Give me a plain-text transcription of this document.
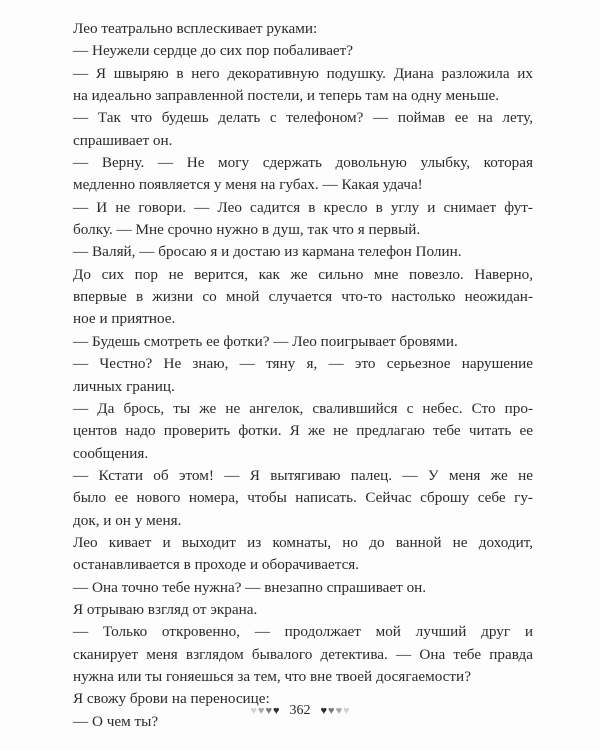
Лео театрально всплескивает руками:
— Неужели сердце до сих пор побаливает?
— Я швыряю в него декоративную подушку. Диана разложила их
на идеально заправленной постели, и теперь там на одну меньше.
— Так что будешь делать с телефоном? — поймав ее на лету,
спрашивает он.
— Верну. — Не могу сдержать довольную улыбку, которая
медленно появляется у меня на губах. — Какая удача!
— И не говори. — Лео садится в кресло в углу и снимает фут-
болку. — Мне срочно нужно в душ, так что я первый.
— Валяй, — бросаю я и достаю из кармана телефон Полин.
До сих пор не верится, как же сильно мне повезло. Наверно,
впервые в жизни со мной случается что-то настолько неожидан-
ное и приятное.
— Будешь смотреть ее фотки? — Лео поигрывает бровями.
— Честно? Не знаю, — тяну я, — это серьезное нарушение
личных границ.
— Да брось, ты же не ангелок, свалившийся с небес. Сто про-
центов надо проверить фотки. Я же не предлагаю тебе читать ее
сообщения.
— Кстати об этом! — Я вытягиваю палец. — У меня же не
было ее нового номера, чтобы написать. Сейчас сброшу себе гу-
док, и он у меня.
Лео кивает и выходит из комнаты, но до ванной не доходит,
останавливается в проходе и оборачивается.
— Она точно тебе нужна? — внезапно спрашивает он.
Я отрываю взгляд от экрана.
— Только откровенно, — продолжает мой лучший друг и
сканирует меня взглядом бывалого детектива. — Она тебе правда
нужна или ты гоняешься за тем, что вне твоей досягаемости?
Я свожу брови на переносице:
— О чем ты?
♥ ♥ ♥ ♥ 362 ♥ ♥ ♥ ♥
